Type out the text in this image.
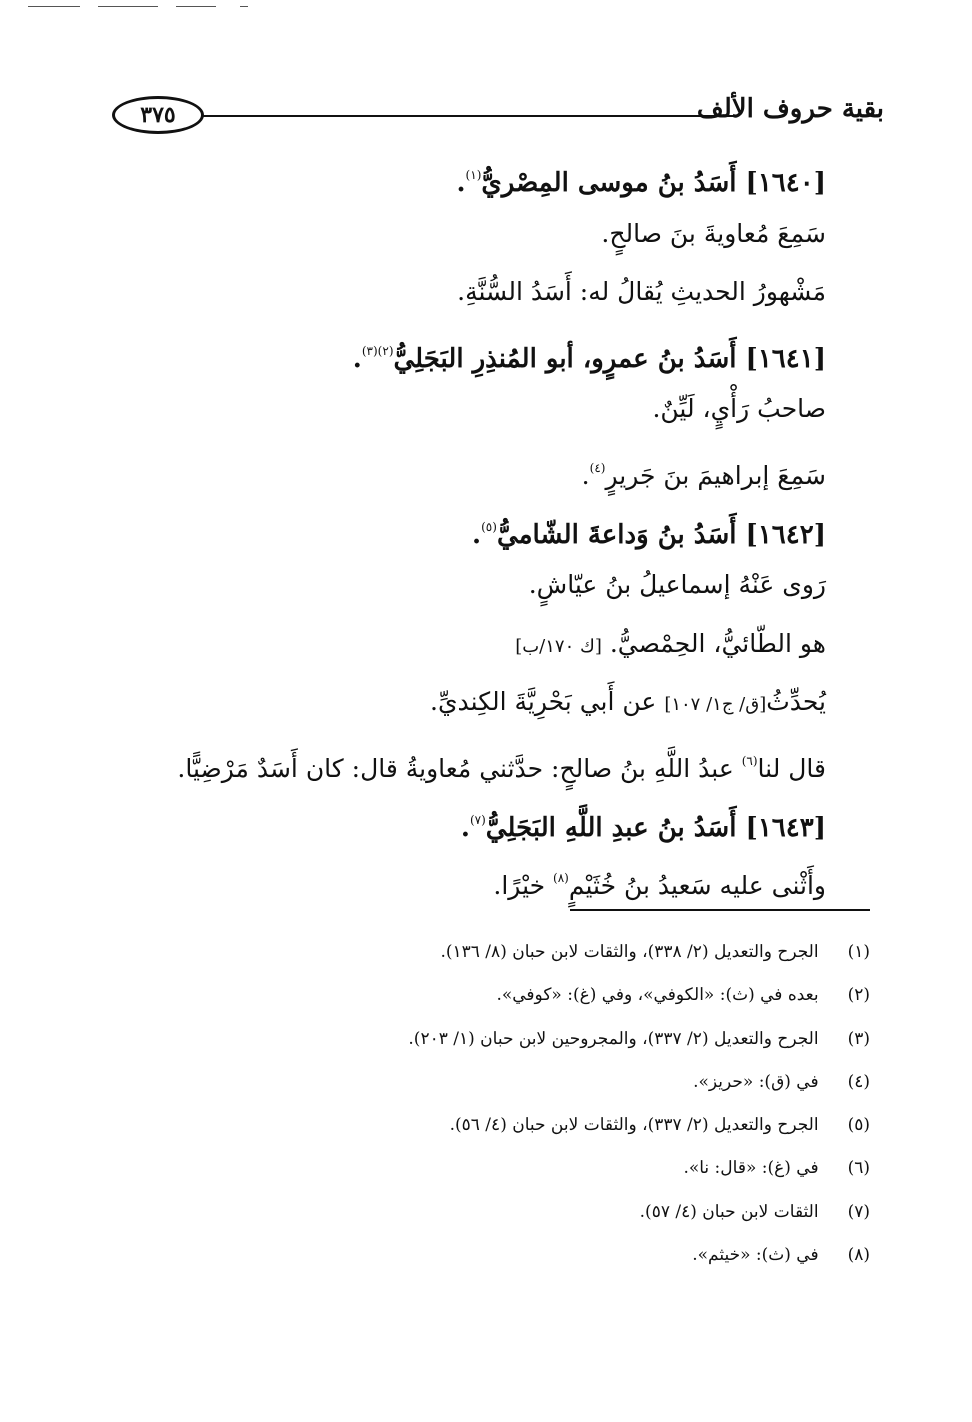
٣٧٥	بقية حروف الألف
[١٦٤٠] أَسَدُ بنُ موسى المِصْريُّ$^{(١)}$.
سَمِعَ مُعاويةَ بنَ صالحٍ.
مَشْهورُ الحديثِ يُقالُ له: أَسَدُ السُّنَّةِ.
[١٦٤١] أَسَدُ بنُ عمرٍو، أبو المُنذِرِ البَجَلِيُّ$^{(٢)(٣)}$.
صاحبُ رَأْيٍ، لَيِّنٌ.
سَمِعَ إبراهيمَ بنَ جَريرٍ$^{(٤)}$.
[١٦٤٢] أَسَدُ بنُ وَداعةَ الشّاميُّ$^{(٥)}$.
رَوى عَنْهُ إسماعيلُ بنُ عيّاشٍ.
هو الطّائيُّ، الحِمْصيُّ. [ك ١٧٠/ب]
يُحدِّثُ[ق/ ج١/ ١٠٧] عن أَبي بَحْرِيَّةَ الكِنديِّ.
قال لنا$^{(٦)}$ عبدُ اللَّهِ بنُ صالحٍ: حدَّثني مُعاويةُ قال: كان أَسَدٌ مَرْضِيًّا.
[١٦٤٣] أَسَدُ بنُ عبدِ اللَّهِ البَجَلِيُّ$^{(٧)}$.
وأَثْنى عليه سَعيدُ بنُ خُثَيْمٍ$^{(٨)}$ خيْرًا.
(١) الجرح والتعديل (٢/ ٣٣٨)، والثقات لابن حبان (٨/ ١٣٦).
(٢) بعده في (ث): «الكوفي»، وفي (غ): «كوفي».
(٣) الجرح والتعديل (٢/ ٣٣٧)، والمجروحين لابن حبان (١/ ٢٠٣).
(٤) في (ق): «حريز».
(٥) الجرح والتعديل (٢/ ٣٣٧)، والثقات لابن حبان (٤/ ٥٦).
(٦) في (غ): «قال: نا».
(٧) الثقات لابن حبان (٤/ ٥٧).
(٨) في (ث): «خيثم».
